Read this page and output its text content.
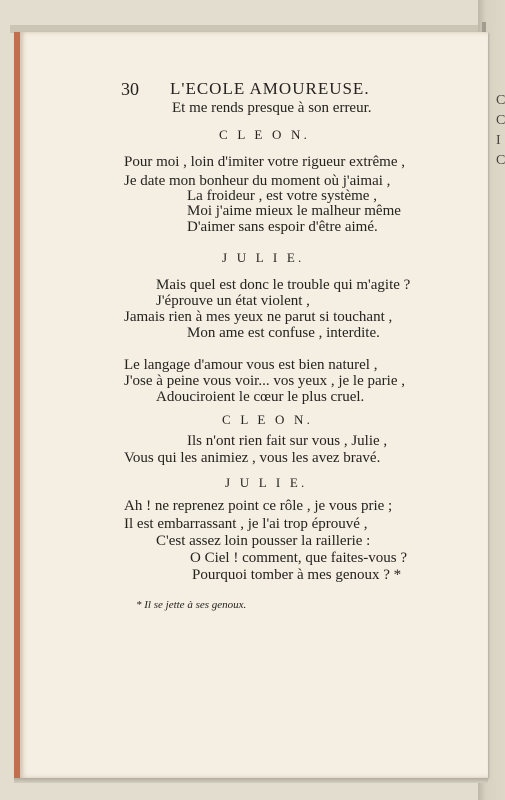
C
C
I
C
30 L'ECOLE AMOUREUSE.
Et me rends presque à son erreur.
C L E O N.
Pour moi , loin d'imiter votre rigueur extrême ,
Je date mon bonheur du moment où j'aimai ,
La froideur , est votre système ,
Moi j'aime mieux le malheur même
D'aimer sans espoir d'être aimé.
J U L I E.
Mais quel est donc le trouble qui m'agite ?
J'éprouve un état violent ,
Jamais rien à mes yeux ne parut si touchant ,
Mon ame est confuse , interdite.
Le langage d'amour vous est bien naturel ,
J'ose à peine vous voir... vos yeux , je le parie ,
Adouciroient le cœur le plus cruel.
C L E O N.
Ils n'ont rien fait sur vous , Julie ,
Vous qui les animiez , vous les avez bravé.
J U L I E.
Ah ! ne reprenez point ce rôle , je vous prie ;
Il est embarrassant , je l'ai trop éprouvé ,
C'est assez loin pousser la raillerie :
O Ciel ! comment, que faites-vous ?
Pourquoi tomber à mes genoux ? *
* Il se jette à ses genoux.
